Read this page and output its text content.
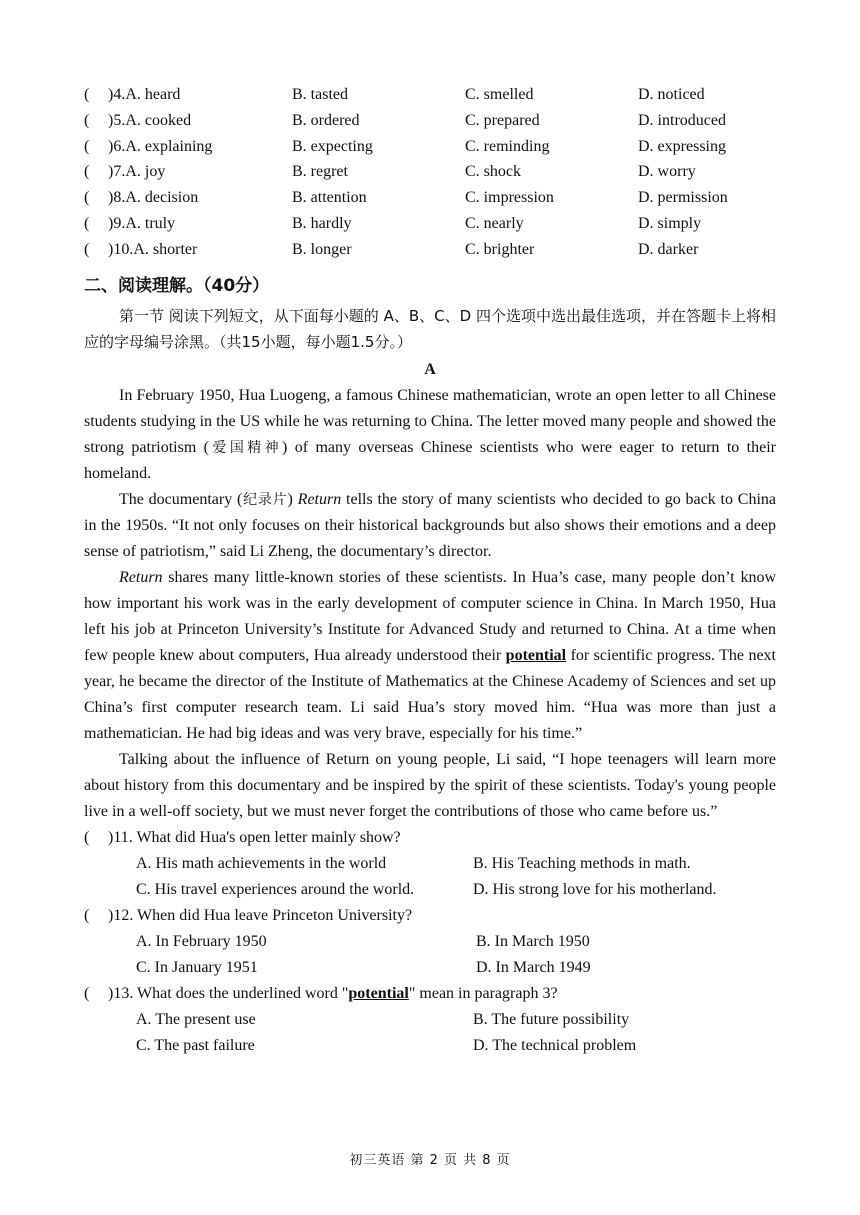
( )4.A. heard	B. tasted	C. smelled	D. noticed
( )5.A. cooked	B. ordered	C. prepared	D. introduced
( )6.A. explaining	B. expecting	C. reminding	D. expressing
( )7.A. joy	B. regret	C. shock	D. worry
( )8.A. decision	B. attention	C. impression	D. permission
( )9.A. truly	B. hardly	C. nearly	D. simply
( )10.A. shorter	B. longer	C. brighter	D. darker
二、阅读理解。（40分）

第一节 阅读下列短文，从下面每小题的 A、B、C、D 四个选项中选出最佳选项，并在答题卡上将相应的字母编号涂黑。（共15小题，每小题1.5分。）

A

In February 1950, Hua Luogeng, a famous Chinese mathematician, wrote an open letter to all Chinese students studying in the US while he was returning to China. The letter moved many people and showed the strong patriotism (爱国精神) of many overseas Chinese scientists who were eager to return to their homeland.

The documentary (纪录片) Return tells the story of many scientists who decided to go back to China in the 1950s. “It not only focuses on their historical backgrounds but also shows their emotions and a deep sense of patriotism,” said Li Zheng, the documentary’s director.

Return shares many little-known stories of these scientists. In Hua’s case, many people don’t know how important his work was in the early development of computer science in China. In March 1950, Hua left his job at Princeton University’s Institute for Advanced Study and returned to China. At a time when few people knew about computers, Hua already understood their potential for scientific progress. The next year, he became the director of the Institute of Mathematics at the Chinese Academy of Sciences and set up China’s first computer research team. Li said Hua’s story moved him. “Hua was more than just a mathematician. He had big ideas and was very brave, especially for his time.”

Talking about the influence of Return on young people, Li said, “I hope teenagers will learn more about history from this documentary and be inspired by the spirit of these scientists. Today's young people live in a well-off society, but we must never forget the contributions of those who came before us.”

( )11. What did Hua's open letter mainly show?
A. His math achievements in the world	B. His Teaching methods in math.
C. His travel experiences around the world.	D. His strong love for his motherland.
( )12. When did Hua leave Princeton University?
A. In February 1950	B. In March 1950
C. In January 1951	D. In March 1949
( )13. What does the underlined word "potential" mean in paragraph 3?
A. The present use	B. The future possibility
C. The past failure	D. The technical problem
初三英语 第 2 页 共 8 页
